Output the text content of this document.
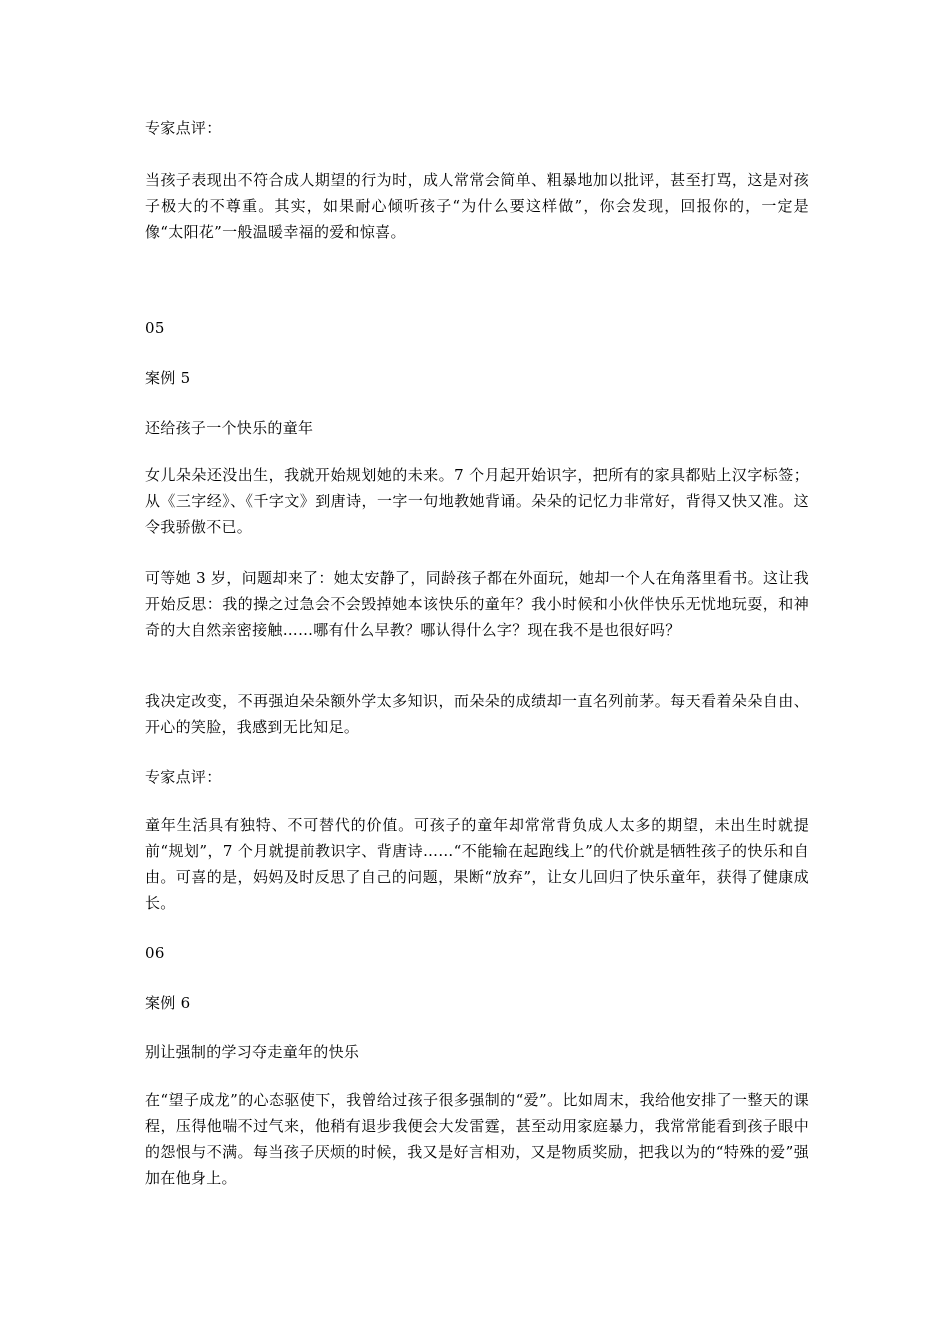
专家点评：

当孩子表现出不符合成人期望的行为时，成人常常会简单、粗暴地加以批评，甚至打骂，这是对孩子极大的不尊重。其实，如果耐心倾听孩子“为什么要这样做”，你会发现，回报你的，一定是像“太阳花”一般温暖幸福的爱和惊喜。

05

案例 5

还给孩子一个快乐的童年

女儿朵朵还没出生，我就开始规划她的未来。7 个月起开始识字，把所有的家具都贴上汉字标签；从《三字经》、《千字文》到唐诗，一字一句地教她背诵。朵朵的记忆力非常好，背得又快又准。这令我骄傲不已。

可等她 3 岁，问题却来了：她太安静了，同龄孩子都在外面玩，她却一个人在角落里看书。这让我开始反思：我的操之过急会不会毁掉她本该快乐的童年？我小时候和小伙伴快乐无忧地玩耍，和神奇的大自然亲密接触……哪有什么早教？哪认得什么字？现在我不是也很好吗？

我决定改变，不再强迫朵朵额外学太多知识，而朵朵的成绩却一直名列前茅。每天看着朵朵自由、开心的笑脸，我感到无比知足。

专家点评：

童年生活具有独特、不可替代的价值。可孩子的童年却常常背负成人太多的期望，未出生时就提前“规划”，7 个月就提前教识字、背唐诗……“不能输在起跑线上”的代价就是牺牲孩子的快乐和自由。可喜的是，妈妈及时反思了自己的问题，果断“放弃”，让女儿回归了快乐童年，获得了健康成长。

06

案例 6

别让强制的学习夺走童年的快乐

在“望子成龙”的心态驱使下，我曾给过孩子很多强制的“爱”。比如周末，我给他安排了一整天的课程，压得他喘不过气来，他稍有退步我便会大发雷霆，甚至动用家庭暴力，我常常能看到孩子眼中的怨恨与不满。每当孩子厌烦的时候，我又是好言相劝，又是物质奖励，把我以为的“特殊的爱”强加在他身上。
